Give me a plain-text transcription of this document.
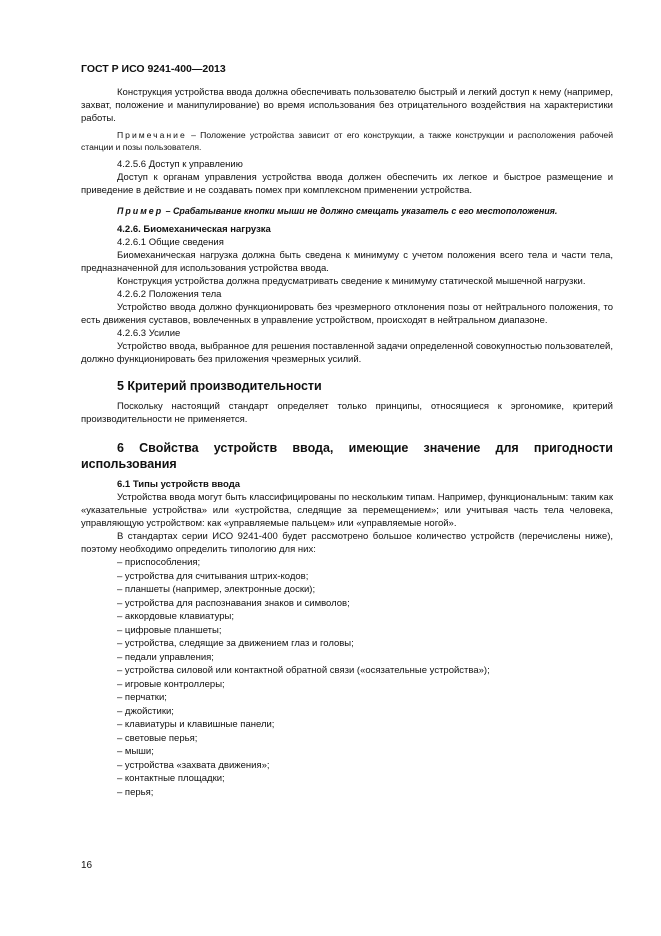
ГОСТ Р ИСО 9241-400—2013

Конструкция устройства ввода должна обеспечивать пользователю быстрый и легкий доступ к нему (например, захват, положение и манипулирование) во время использования без отрицательного воздействия на характеристики работы.

Примечание – Положение устройства зависит от его конструкции, а также конструкции и расположения рабочей станции и позы пользователя.

4.2.5.6 Доступ к управлению

Доступ к органам управления устройства ввода должен обеспечить их легкое и быстрое размещение и приведение в действие и не создавать помех при комплексном применении устройства.

Пример – Срабатывание кнопки мыши не должно смещать указатель с его местоположения.

4.2.6. Биомеханическая нагрузка

4.2.6.1 Общие сведения

Биомеханическая нагрузка должна быть сведена к минимуму с учетом положения всего тела и части тела, предназначенной для использования устройства ввода.

Конструкция устройства должна предусматривать сведение к минимуму статической мышечной нагрузки.

4.2.6.2 Положения тела

Устройство ввода должно функционировать без чрезмерного отклонения позы от нейтрального положения, то есть движения суставов, вовлеченных в управление устройством, происходят в нейтральном диапазоне.

4.2.6.3 Усилие

Устройство ввода, выбранное для решения поставленной задачи определенной совокупностью пользователей, должно функционировать без приложения чрезмерных усилий.

5 Критерий производительности

Поскольку настоящий стандарт определяет только принципы, относящиеся к эргономике, критерий производительности не применяется.

6 Свойства устройств ввода, имеющие значение для пригодности использования

6.1 Типы устройств ввода

Устройства ввода могут быть классифицированы по нескольким типам. Например, функциональным: таким как «указательные устройства» или «устройства, следящие за перемещением»; или учитывая часть тела человека, управляющую устройством: как «управляемые пальцем» или «управляемые ногой».

В стандартах серии ИСО 9241-400 будет рассмотрено большое количество устройств (перечислены ниже), поэтому необходимо определить типологию для них:

– приспособления;
– устройства для считывания штрих-кодов;
– планшеты (например, электронные доски);
– устройства для распознавания знаков и символов;
– аккордовые клавиатуры;
– цифровые планшеты;
– устройства, следящие за движением глаз и головы;
– педали управления;
– устройства силовой или контактной обратной связи («осязательные устройства»);
– игровые контроллеры;
– перчатки;
– джойстики;
– клавиатуры и клавишные панели;
– световые перья;
– мыши;
– устройства «захвата движения»;
– контактные площадки;
– перья;
16
